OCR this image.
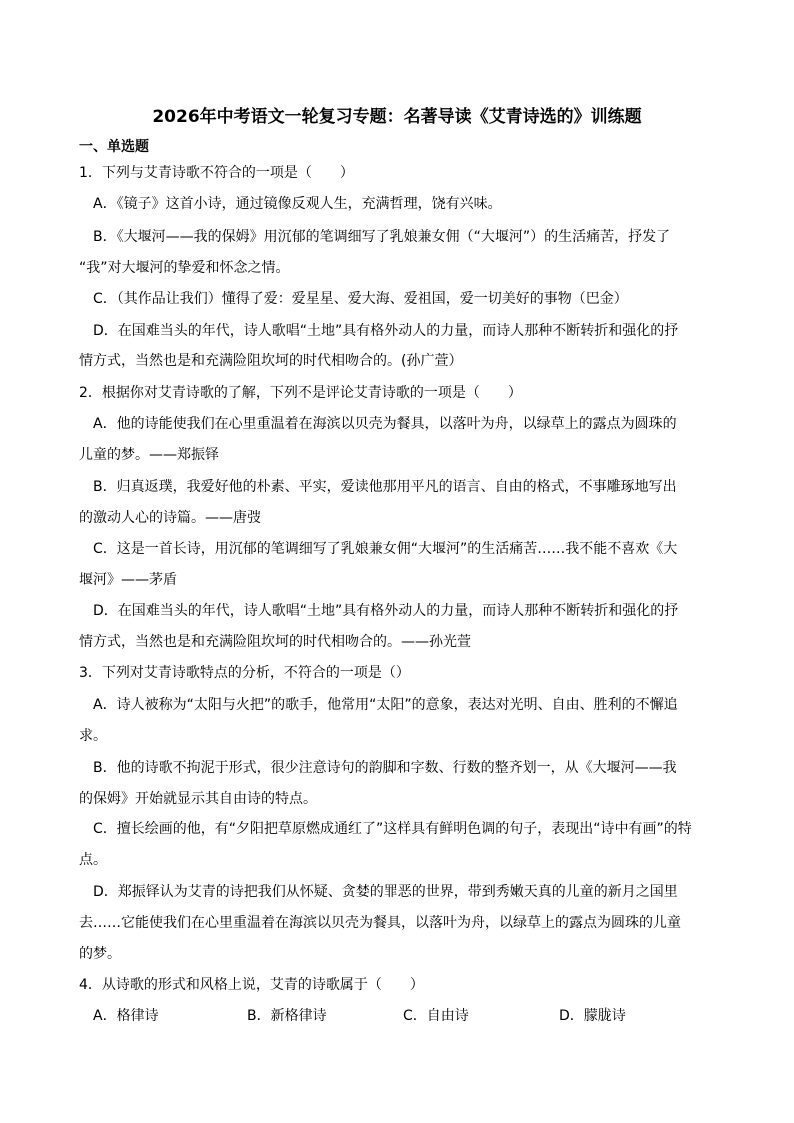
2026年中考语文一轮复习专题：名著导读《艾青诗选的》训练题
一、单选题
1．下列与艾青诗歌不符合的一项是（　　）
A．《镜子》这首小诗，通过镜像反观人生，充满哲理，饶有兴味。
B．《大堰河——我的保姆》用沉郁的笔调细写了乳娘兼女佣（“大堰河”）的生活痛苦，抒发了
“我”对大堰河的挚爱和怀念之情。
C．（其作品让我们）懂得了爱：爱星星、爱大海、爱祖国，爱一切美好的事物（巴金）
D．在国难当头的年代，诗人歌唱“土地”具有格外动人的力量，而诗人那种不断转折和强化的抒
情方式，当然也是和充满险阻坎坷的时代相吻合的。(孙广萱）
2．根据你对艾青诗歌的了解，下列不是评论艾青诗歌的一项是（　　）
A．他的诗能使我们在心里重温着在海滨以贝壳为餐具，以落叶为舟，以绿草上的露点为圆珠的
儿童的梦。——郑振铎
B．归真返璞，我爱好他的朴素、平实，爱读他那用平凡的语言、自由的格式，不事雕琢地写出
的激动人心的诗篇。——唐弢
C．这是一首长诗，用沉郁的笔调细写了乳娘兼女佣“大堰河”的生活痛苦……我不能不喜欢《大
堰河》——茅盾
D．在国难当头的年代，诗人歌唱“土地”具有格外动人的力量，而诗人那种不断转折和强化的抒
情方式，当然也是和充满险阻坎坷的时代相吻合的。——孙光萱
3．下列对艾青诗歌特点的分析，不符合的一项是（）
A．诗人被称为“太阳与火把”的歌手，他常用“太阳”的意象，表达对光明、自由、胜利的不懈追
求。
B．他的诗歌不拘泥于形式，很少注意诗句的韵脚和字数、行数的整齐划一，从《大堰河——我
的保姆》开始就显示其自由诗的特点。
C．擅长绘画的他，有“夕阳把草原燃成通红了”这样具有鲜明色调的句子，表现出“诗中有画”的特
点。
D．郑振铎认为艾青的诗把我们从怀疑、贪婪的罪恶的世界，带到秀嫩天真的儿童的新月之国里
去……它能使我们在心里重温着在海滨以贝壳为餐具，以落叶为舟，以绿草上的露点为圆珠的儿童
的梦。
4．从诗歌的形式和风格上说，艾青的诗歌属于（　　）
A．格律诗	B．新格律诗	C．自由诗	D．朦胧诗
